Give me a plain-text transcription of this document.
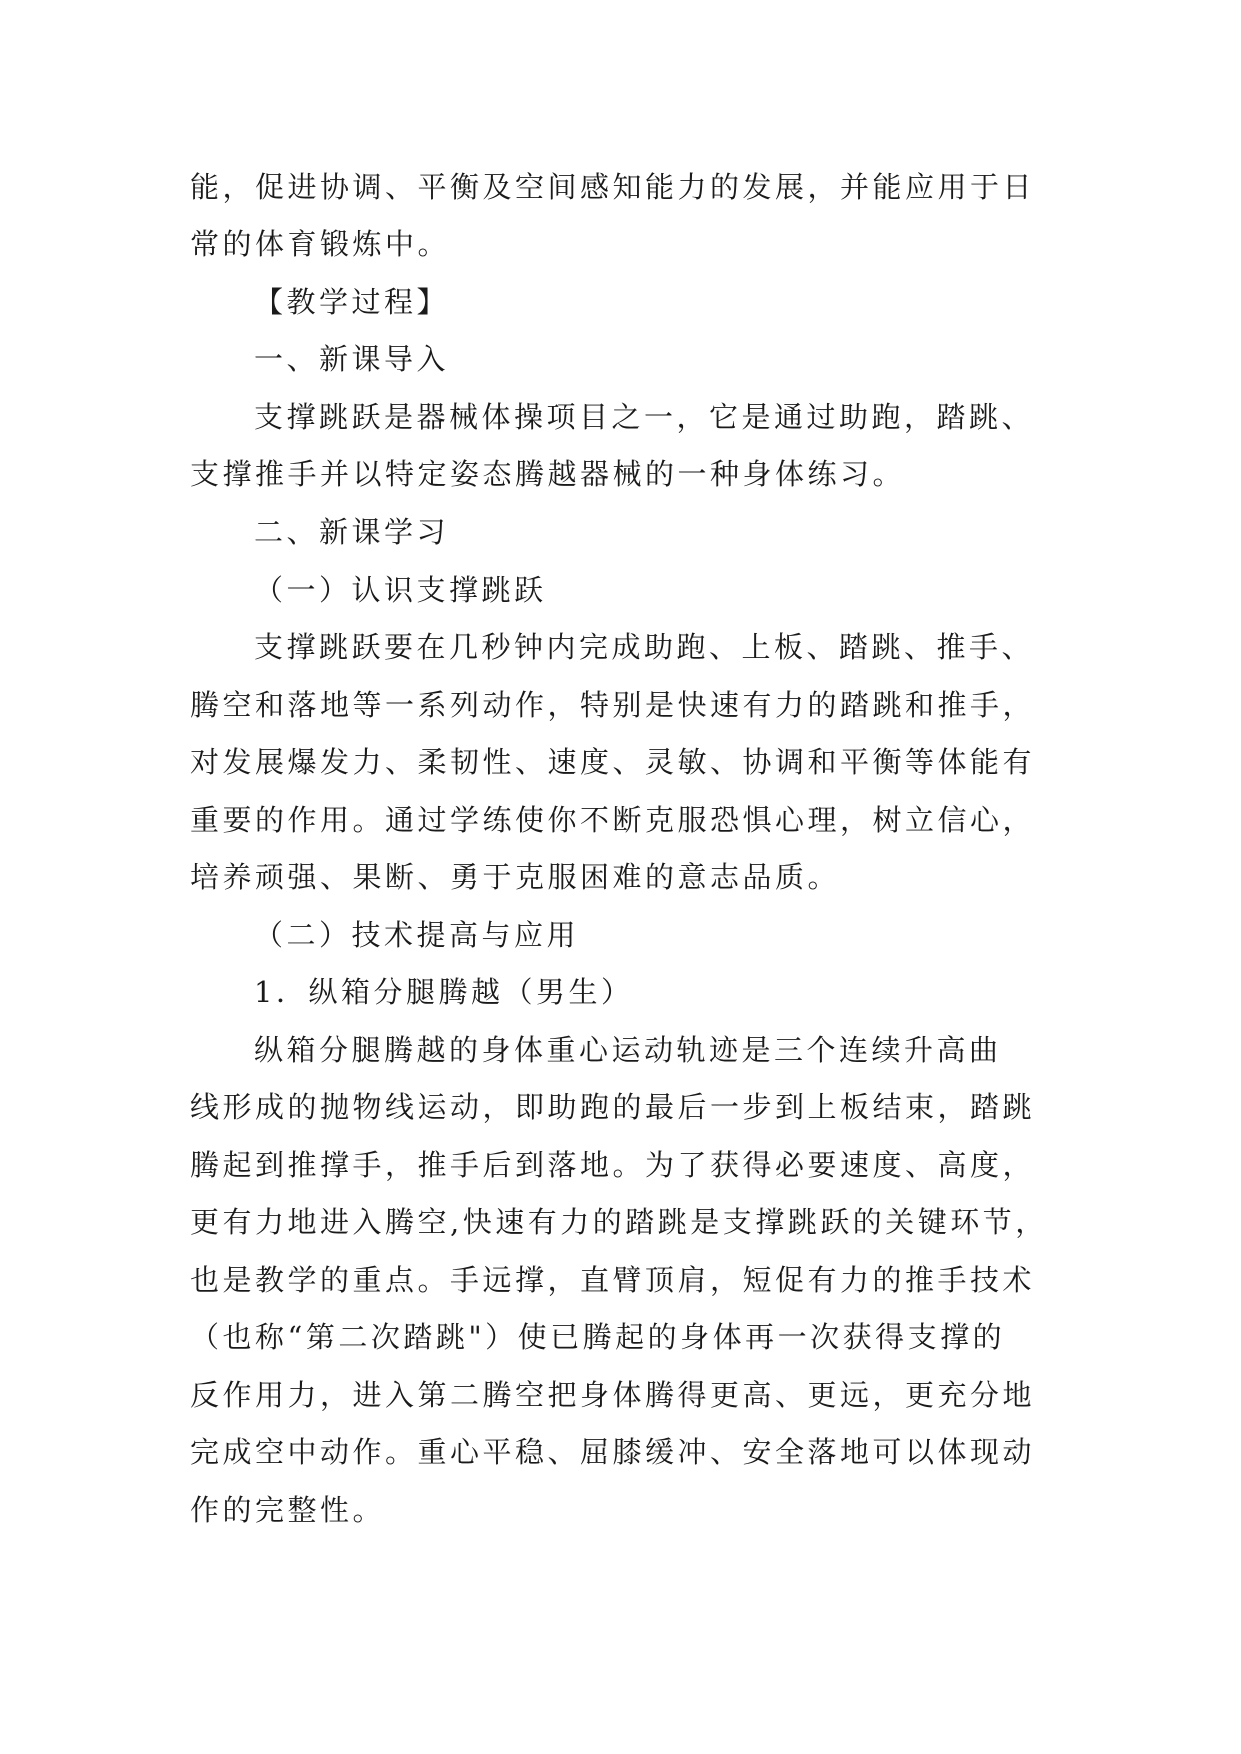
能，促进协调、平衡及空间感知能力的发展，并能应用于日
常的体育锻炼中。
【教学过程】
一、新课导入
支撑跳跃是器械体操项目之一，它是通过助跑，踏跳、
支撑推手并以特定姿态腾越器械的一种身体练习。
二、新课学习
（一）认识支撑跳跃
支撑跳跃要在几秒钟内完成助跑、上板、踏跳、推手、
腾空和落地等一系列动作，特别是快速有力的踏跳和推手，
对发展爆发力、柔韧性、速度、灵敏、协调和平衡等体能有
重要的作用。通过学练使你不断克服恐惧心理，树立信心，
培养顽强、果断、勇于克服困难的意志品质。
（二）技术提高与应用
1．纵箱分腿腾越（男生）
纵箱分腿腾越的身体重心运动轨迹是三个连续升高曲
线形成的抛物线运动，即助跑的最后一步到上板结束，踏跳
腾起到推撑手，推手后到落地。为了获得必要速度、高度，
更有力地进入腾空,快速有力的踏跳是支撑跳跃的关键环节，
也是教学的重点。手远撑，直臂顶肩，短促有力的推手技术
（也称“第二次踏跳"）使已腾起的身体再一次获得支撑的
反作用力，进入第二腾空把身体腾得更高、更远，更充分地
完成空中动作。重心平稳、屈膝缓冲、安全落地可以体现动
作的完整性。
